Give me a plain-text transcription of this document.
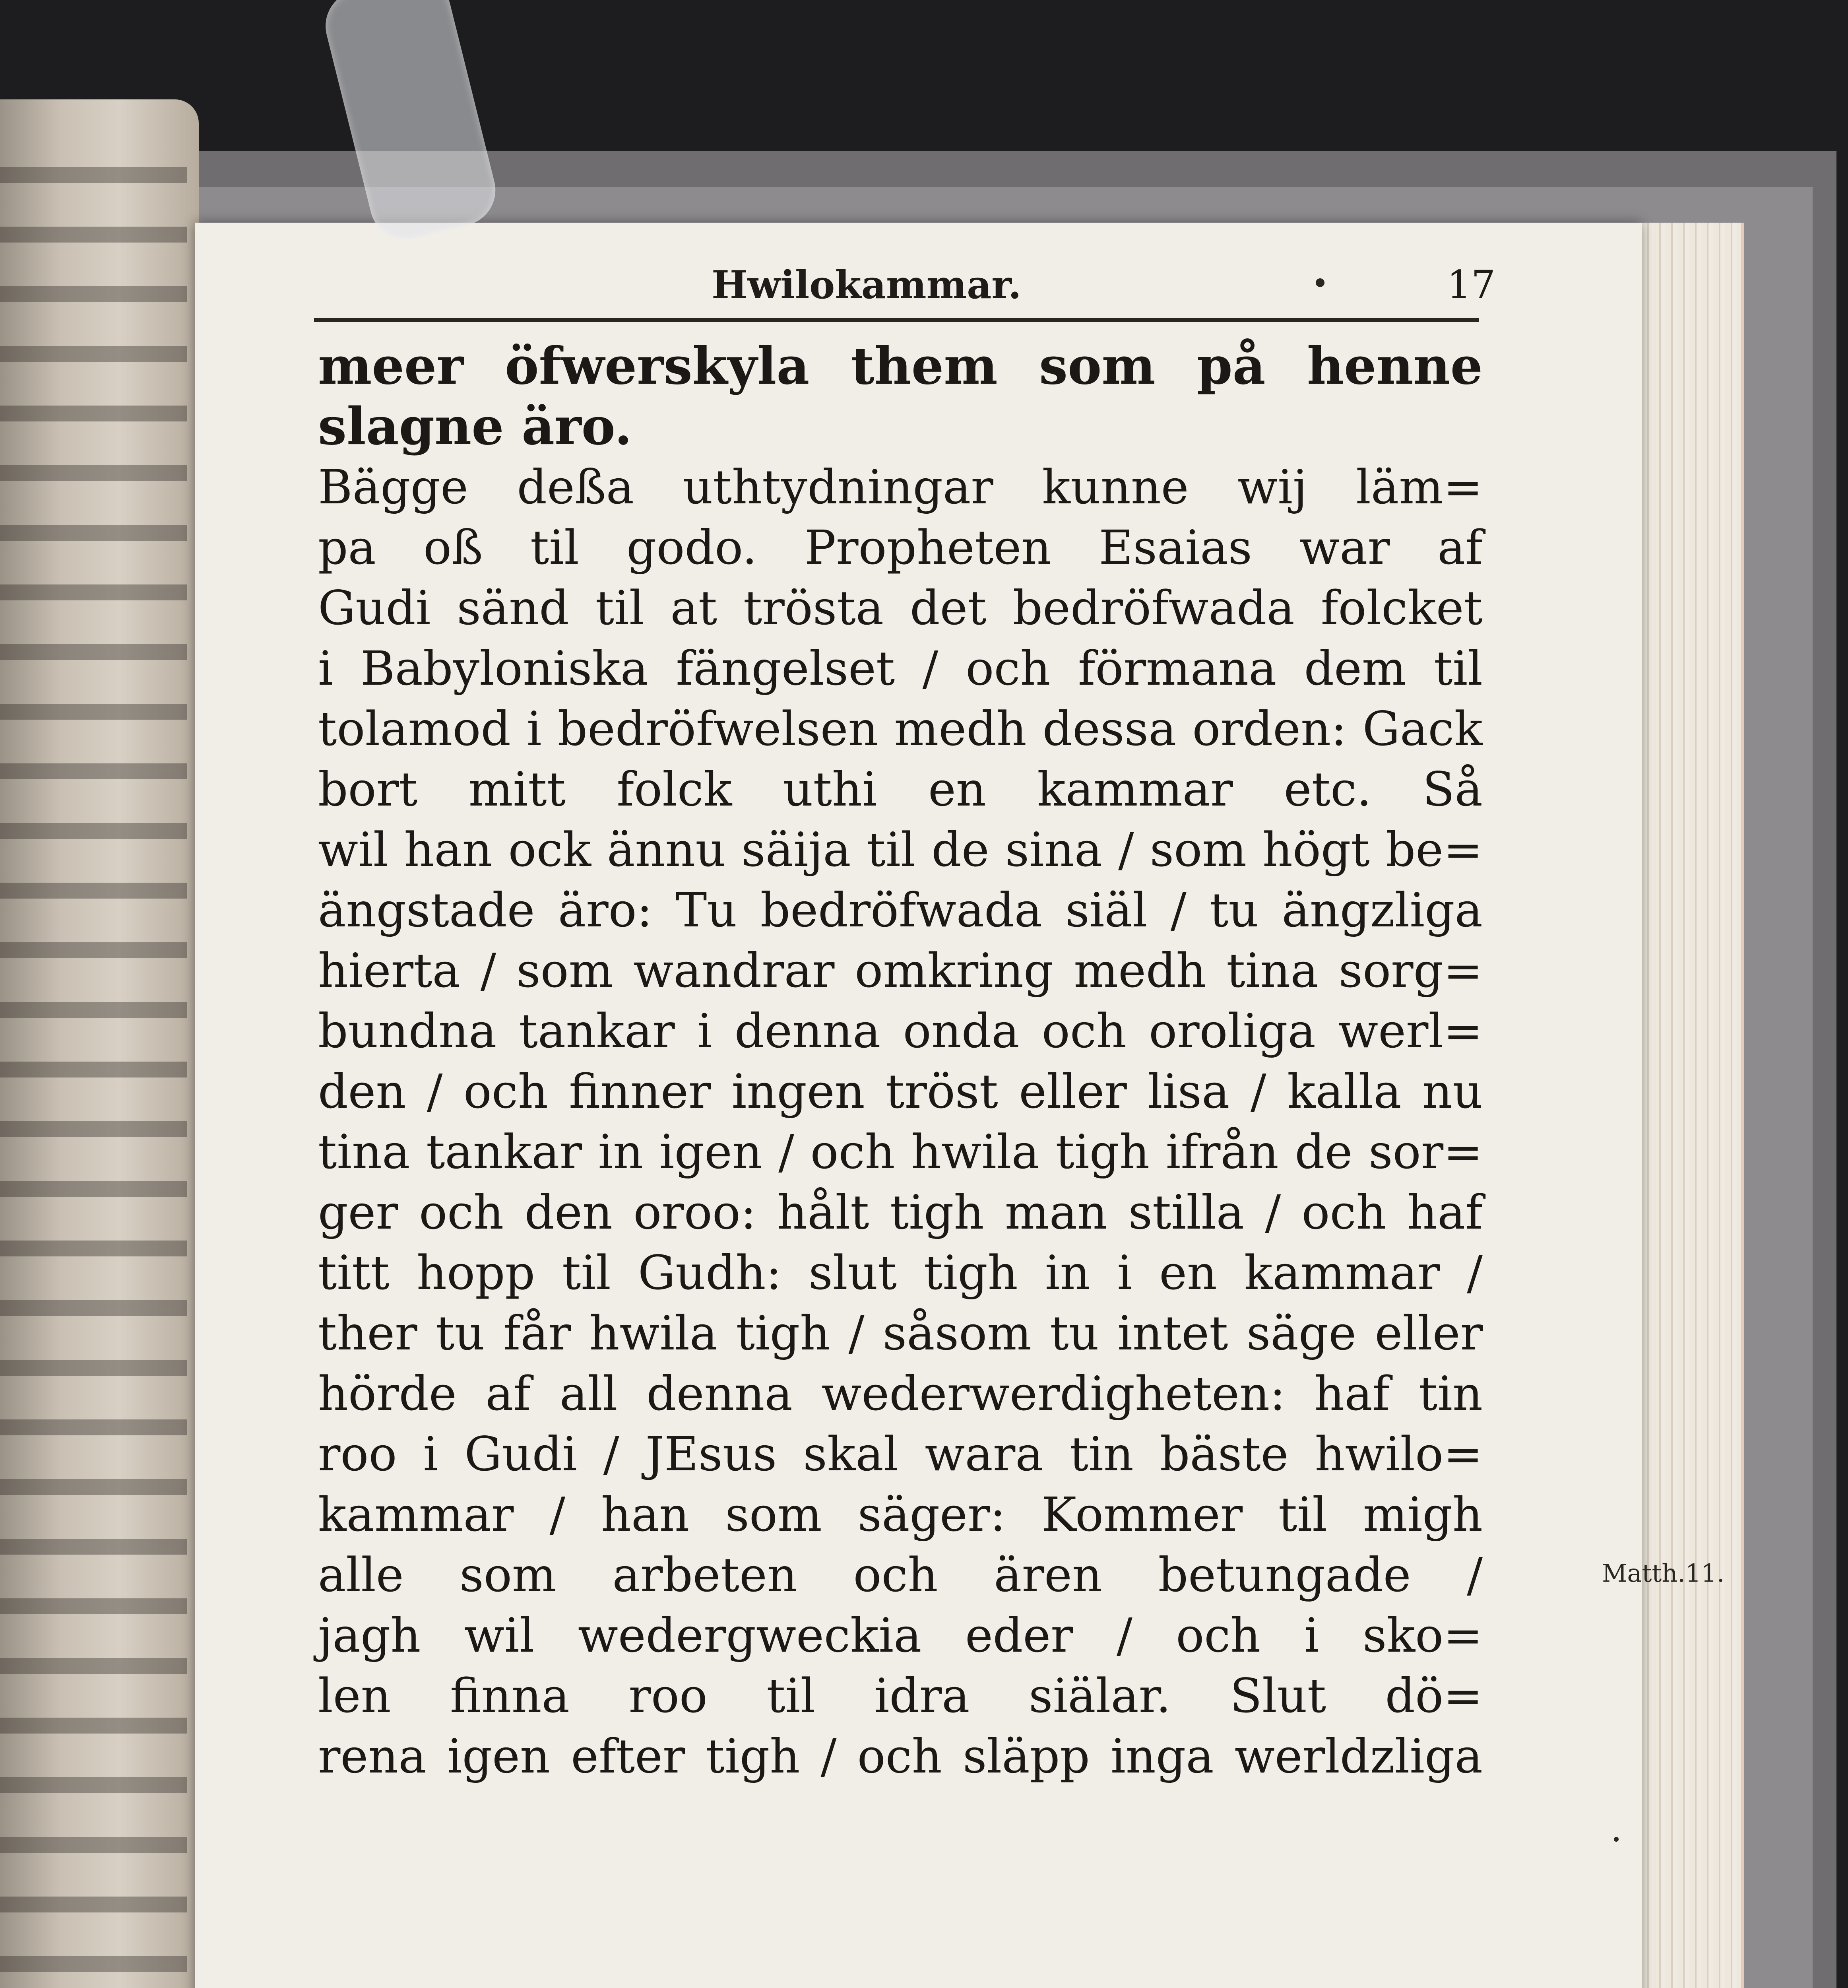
Hwilokammar.	17
meer öfwerskyla them som på henne
slagne äro.
Bägge deßa uthtydningar kunne wij läm=
pa oß til godo. Propheten Esaias war af
Gudi sänd til at trösta det bedröfwada folcket
i Babyloniska fängelset / och förmana dem til
tolamod i bedröfwelsen medh dessa orden: Gack
bort mitt folck uthi en kammar etc. Så
wil han ock ännu säija til de sina / som högt be=
ängstade äro: Tu bedröfwada siäl / tu ängzliga
hierta / som wandrar omkring medh tina sorg=
bundna tankar i denna onda och oroliga werl=
den / och finner ingen tröst eller lisa / kalla nu
tina tankar in igen / och hwila tigh ifrån de sor=
ger och den oroo: hålt tigh man stilla / och haf
titt hopp til Gudh: slut tigh in i en kammar /
ther tu får hwila tigh / såsom tu intet säge eller
hörde af all denna wederwerdigheten: haf tin
roo i Gudi / JEsus skal wara tin bäste hwilo=
kammar / han som säger: Kommer til migh
alle som arbeten och ären betungade /
jagh wil wedergweckia eder / och i sko=
len finna roo til idra siälar. Slut dö=
rena igen efter tigh / och släpp inga werldzliga
Matth.11.
